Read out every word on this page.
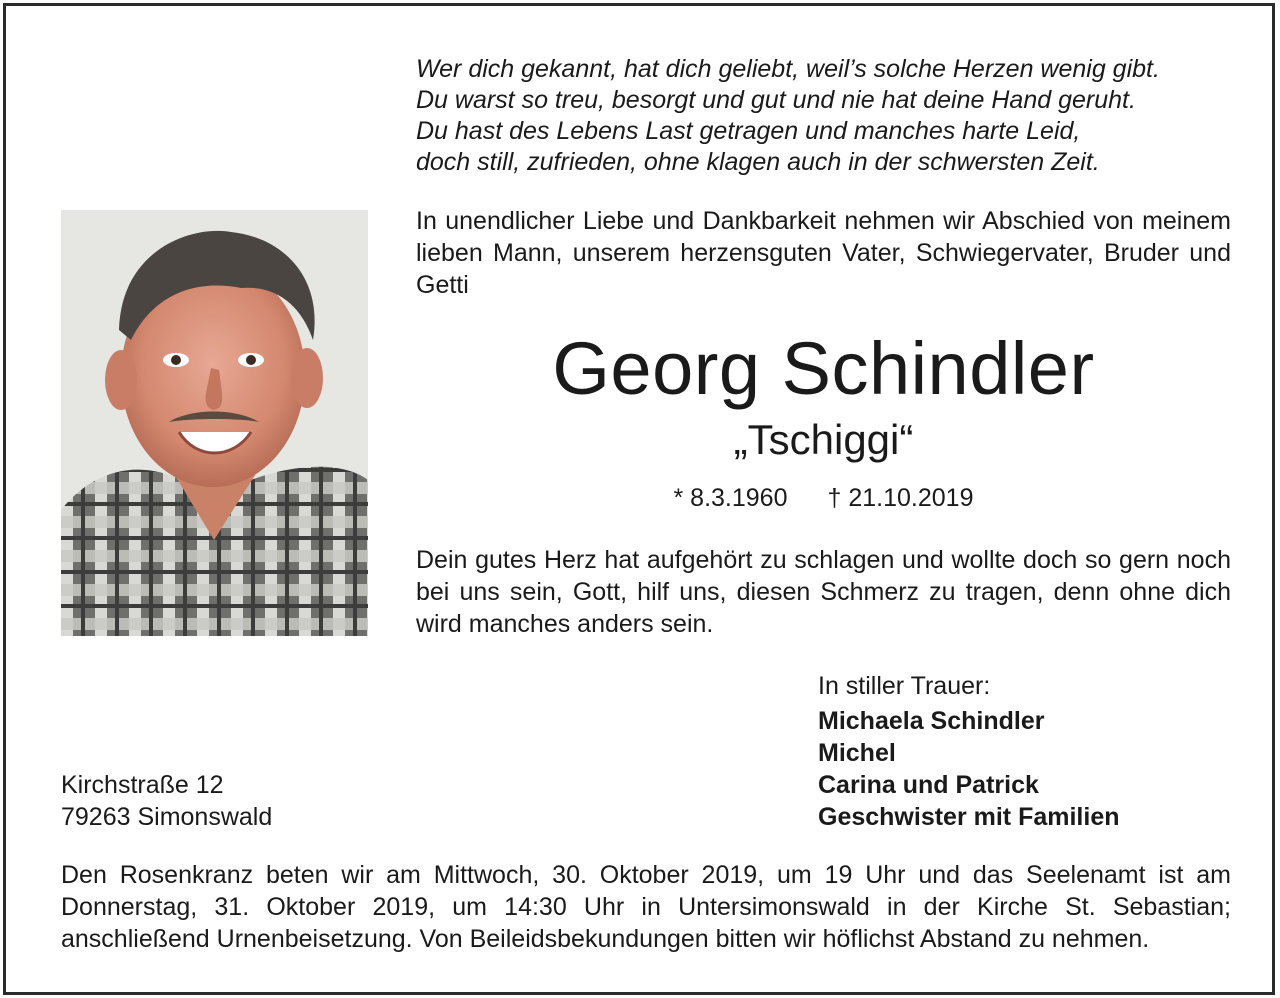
Wer dich gekannt, hat dich geliebt, weil’s solche Herzen wenig gibt.
Du warst so treu, besorgt und gut und nie hat deine Hand geruht.
Du hast des Lebens Last getragen und manches harte Leid,
doch still, zufrieden, ohne klagen auch in der schwersten Zeit.
In unendlicher Liebe und Dankbarkeit nehmen wir Abschied von meinem lieben Mann, unserem herzensguten Vater, Schwiegervater, Bruder und Getti
Georg Schindler
„Tschiggi“
* 8.3.1960 † 21.10.2019
Dein gutes Herz hat aufgehört zu schlagen und wollte doch so gern noch bei uns sein, Gott, hilf uns, diesen Schmerz zu tragen, denn ohne dich wird manches anders sein.
In stiller Trauer:
Michaela Schindler
Michel
Carina und Patrick
Geschwister mit Familien
Kirchstraße 12
79263 Simonswald
Den Rosenkranz beten wir am Mittwoch, 30. Oktober 2019, um 19 Uhr und das Seelenamt ist am Donnerstag, 31. Oktober 2019, um 14:30 Uhr in Untersimonswald in der Kirche St. Sebastian; anschließend Urnenbeisetzung. Von Beileidsbekundungen bitten wir höflichst Abstand zu nehmen.
